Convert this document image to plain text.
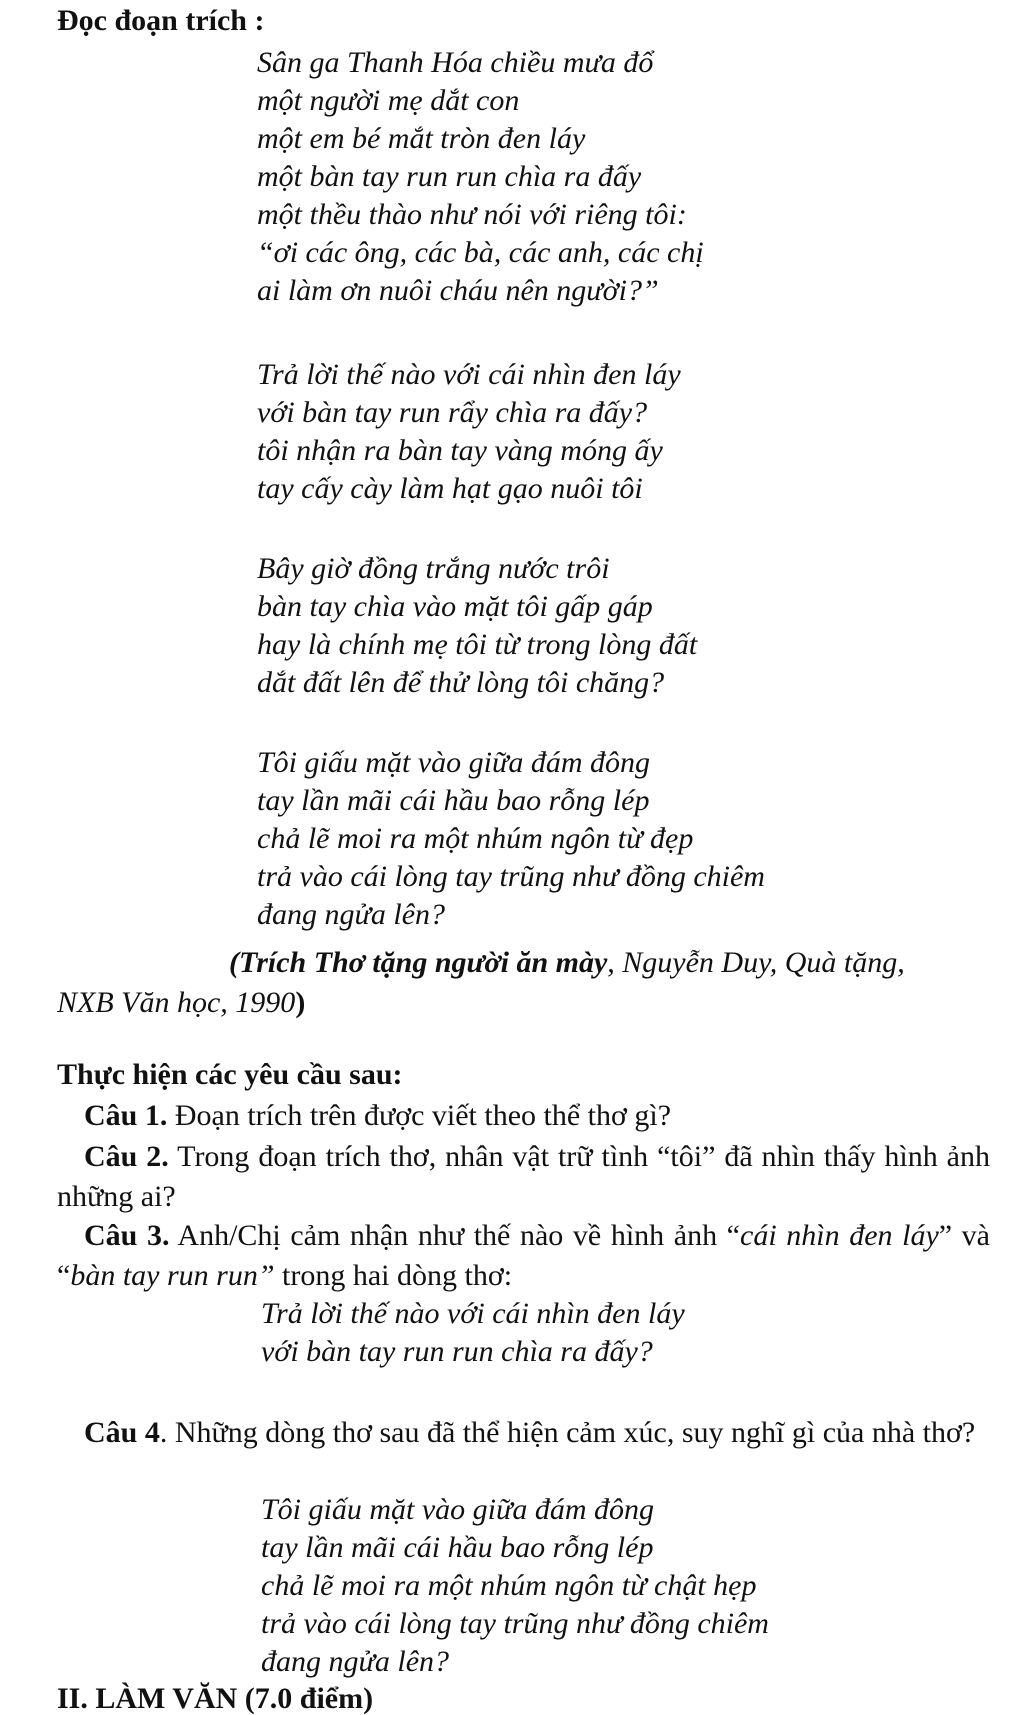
Đọc đoạn trích :
Sân ga Thanh Hóa chiều mưa đổ
một người mẹ dắt con
một em bé mắt tròn đen láy
một bàn tay run run chìa ra đấy
một thều thào như nói với riêng tôi:
“ơi các ông, các bà, các anh, các chị
ai làm ơn nuôi cháu nên người?”
Trả lời thế nào với cái nhìn đen láy
với bàn tay run rẩy chìa ra đấy?
tôi nhận ra bàn tay vàng móng ấy
tay cấy cày làm hạt gạo nuôi tôi
Bây giờ đồng trắng nước trôi
bàn tay chìa vào mặt tôi gấp gáp
hay là chính mẹ tôi từ trong lòng đất
dắt đất lên để thử lòng tôi chăng?
Tôi giấu mặt vào giữa đám đông
tay lần mãi cái hầu bao rỗng lép
chả lẽ moi ra một nhúm ngôn từ đẹp
trả vào cái lòng tay trũng như đồng chiêm
đang ngửa lên?
(Trích Thơ tặng người ăn mày, Nguyễn Duy, Quà tặng,
NXB Văn học, 1990)
Thực hiện các yêu cầu sau:
Câu 1. Đoạn trích trên được viết theo thể thơ gì?
Câu 2. Trong đoạn trích thơ, nhân vật trữ tình “tôi” đã nhìn thấy hình ảnh những ai?
Câu 3. Anh/Chị cảm nhận như thế nào về hình ảnh “cái nhìn đen láy” và “bàn tay run run” trong hai dòng thơ:
Trả lời thế nào với cái nhìn đen láy
với bàn tay run run chìa ra đấy?
Câu 4. Những dòng thơ sau đã thể hiện cảm xúc, suy nghĩ gì của nhà thơ?
Tôi giấu mặt vào giữa đám đông
tay lần mãi cái hầu bao rỗng lép
chả lẽ moi ra một nhúm ngôn từ chật hẹp
trả vào cái lòng tay trũng như đồng chiêm
đang ngửa lên?
II. LÀM VĂN (7.0 điểm)
